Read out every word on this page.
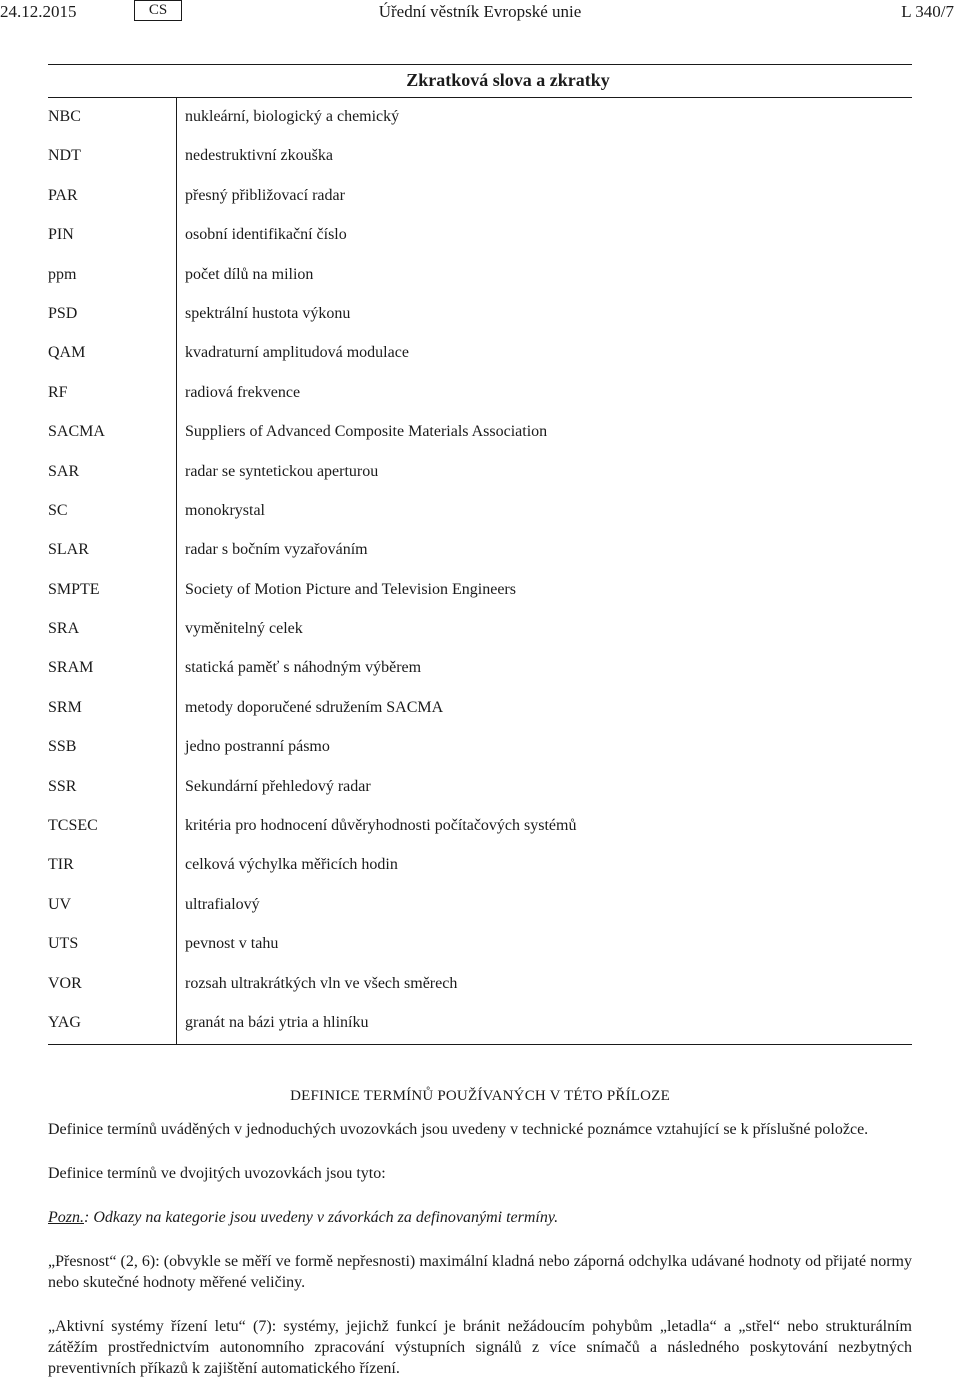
24.12.2015	CS	Úřední věstník Evropské unie	L 340/7
Zkratková slova a zkratky
NBC	nukleární, biologický a chemický
NDT	nedestruktivní zkouška
PAR	přesný přibližovací radar
PIN	osobní identifikační číslo
ppm	počet dílů na milion
PSD	spektrální hustota výkonu
QAM	kvadraturní amplitudová modulace
RF	radiová frekvence
SACMA	Suppliers of Advanced Composite Materials Association
SAR	radar se syntetickou aperturou
SC	monokrystal
SLAR	radar s bočním vyzařováním
SMPTE	Society of Motion Picture and Television Engineers
SRA	vyměnitelný celek
SRAM	statická paměť s náhodným výběrem
SRM	metody doporučené sdružením SACMA
SSB	jedno postranní pásmo
SSR	Sekundární přehledový radar
TCSEC	kritéria pro hodnocení důvěryhodnosti počítačových systémů
TIR	celková výchylka měřicích hodin
UV	ultrafialový
UTS	pevnost v tahu
VOR	rozsah ultrakrátkých vln ve všech směrech
YAG	granát na bázi ytria a hliníku
DEFINICE TERMÍNŮ POUŽÍVANÝCH V TÉTO PŘÍLOZE

Definice termínů uváděných v jednoduchých uvozovkách jsou uvedeny v technické poznámce vztahující se k příslušné položce.

Definice termínů ve dvojitých uvozovkách jsou tyto:

Pozn.: Odkazy na kategorie jsou uvedeny v závorkách za definovanými termíny.

„Přesnost“ (2, 6): (obvykle se měří ve formě nepřesnosti) maximální kladná nebo záporná odchylka udávané hodnoty od přijaté normy nebo skutečné hodnoty měřené veličiny.

„Aktivní systémy řízení letu“ (7): systémy, jejichž funkcí je bránit nežádoucím pohybům „letadla“ a „střel“ nebo strukturálním zátěžím prostřednictvím autonomního zpracování výstupních signálů z více snímačů a následného poskytování nezbytných preventivních příkazů k zajištění automatického řízení.
